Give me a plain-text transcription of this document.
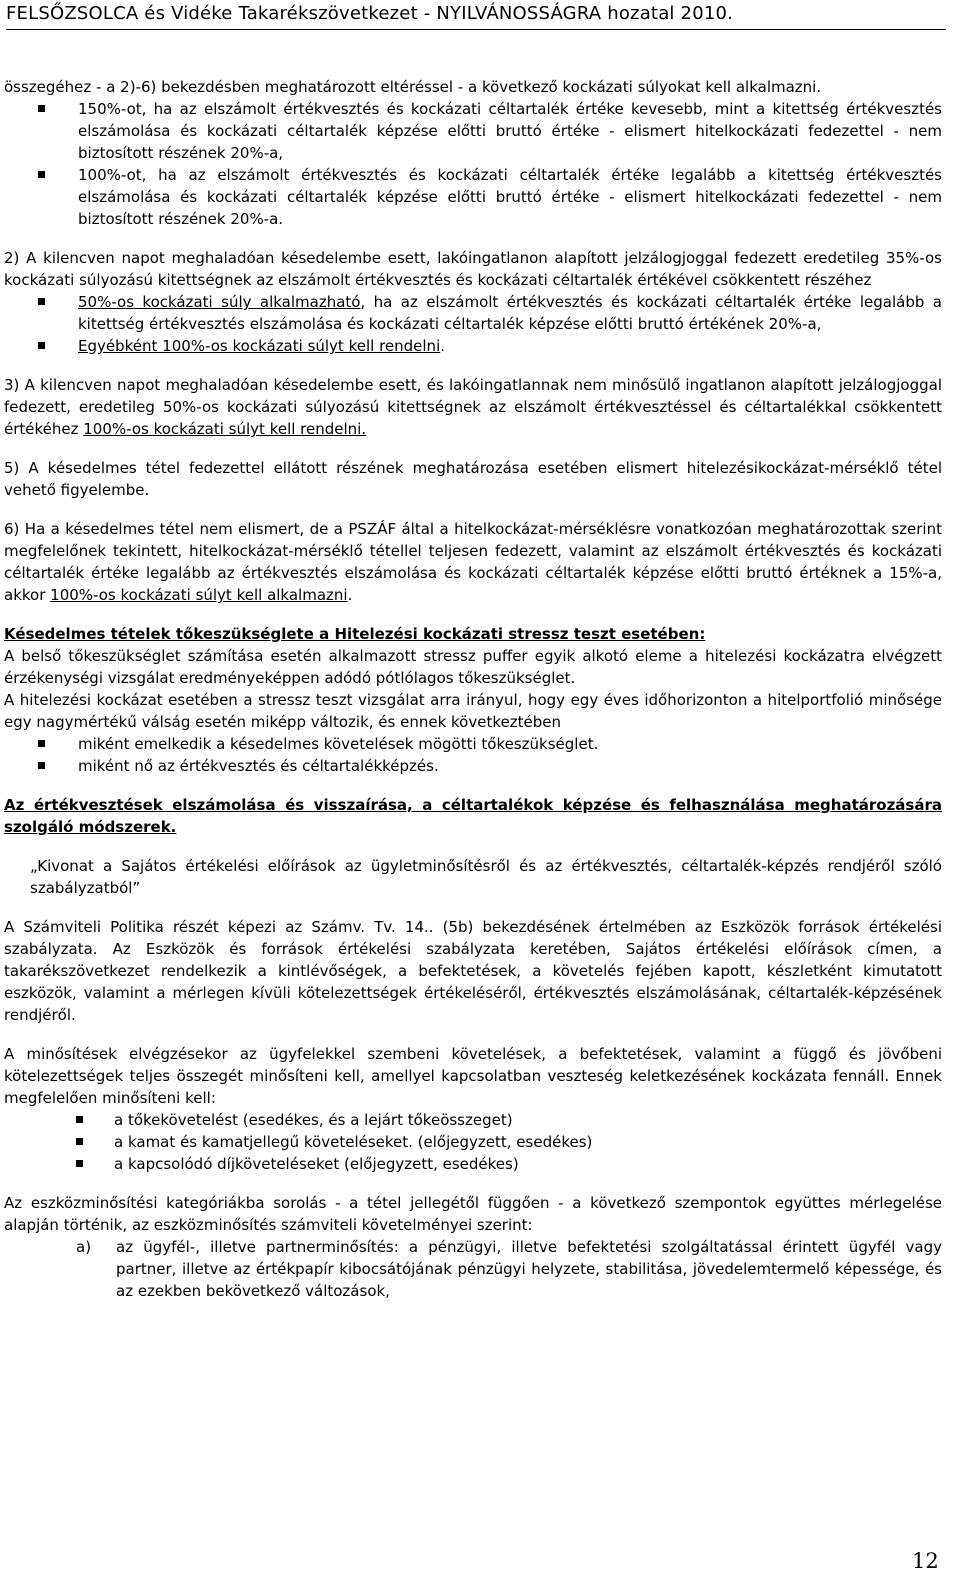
FELSŐZSOLCA és Vidéke Takarékszövetkezet - NYILVÁNOSSÁGRA hozatal 2010.

összegéhez - a 2)-6) bekezdésben meghatározott eltéréssel - a következő kockázati súlyokat kell alkalmazni.

150%-ot, ha az elszámolt értékvesztés és kockázati céltartalék értéke kevesebb, mint a kitettség értékvesztés elszámolása és kockázati céltartalék képzése előtti bruttó értéke - elismert hitelkockázati fedezettel - nem biztosított részének 20%-a,
100%-ot, ha az elszámolt értékvesztés és kockázati céltartalék értéke legalább a kitettség értékvesztés elszámolása és kockázati céltartalék képzése előtti bruttó értéke - elismert hitelkockázati fedezettel - nem biztosított részének 20%-a.

2) A kilencven napot meghaladóan késedelembe esett, lakóingatlanon alapított jelzálogjoggal fedezett eredetileg 35%-os kockázati súlyozású kitettségnek az elszámolt értékvesztés és kockázati céltartalék értékével csökkentett részéhez

50%-os kockázati súly alkalmazható, ha az elszámolt értékvesztés és kockázati céltartalék értéke legalább a kitettség értékvesztés elszámolása és kockázati céltartalék képzése előtti bruttó értékének 20%-a,
Egyébként 100%-os kockázati súlyt kell rendelni.

3) A kilencven napot meghaladóan késedelembe esett, és lakóingatlannak nem minősülő ingatlanon alapított jelzálogjoggal fedezett, eredetileg 50%-os kockázati súlyozású kitettségnek az elszámolt értékvesztéssel és céltartalékkal csökkentett értékéhez 100%-os kockázati súlyt kell rendelni.

5) A késedelmes tétel fedezettel ellátott részének meghatározása esetében elismert hitelezésikockázat-mérséklő tétel vehető figyelembe.

6) Ha a késedelmes tétel nem elismert, de a PSZÁF által a hitelkockázat-mérséklésre vonatkozóan meghatározottak szerint megfelelőnek tekintett, hitelkockázat-mérséklő tétellel teljesen fedezett, valamint az elszámolt értékvesztés és kockázati céltartalék értéke legalább az értékvesztés elszámolása és kockázati céltartalék képzése előtti bruttó értéknek a 15%-a, akkor 100%-os kockázati súlyt kell alkalmazni.

Késedelmes tételek tőkeszükséglete a Hitelezési kockázati stressz teszt esetében:

A belső tőkeszükséglet számítása esetén alkalmazott stressz puffer egyik alkotó eleme a hitelezési kockázatra elvégzett érzékenységi vizsgálat eredményeképpen adódó pótlólagos tőkeszükséglet.

A hitelezési kockázat esetében a stressz teszt vizsgálat arra irányul, hogy egy éves időhorizonton a hitelportfolió minősége egy nagymértékű válság esetén miképp változik, és ennek következtében

miként emelkedik a késedelmes követelések mögötti tőkeszükséglet.
miként nő az értékvesztés és céltartalékképzés.

Az értékvesztések elszámolása és visszaírása, a céltartalékok képzése és felhasználása meghatározására szolgáló módszerek.

„Kivonat a Sajátos értékelési előírások az ügyletminősítésről és az értékvesztés, céltartalék-képzés rendjéről szóló szabályzatból”

A Számviteli Politika részét képezi az Számv. Tv. 14.. (5b) bekezdésének értelmében az Eszközök források értékelési szabályzata. Az Eszközök és források értékelési szabályzata keretében, Sajátos értékelési előírások címen, a takarékszövetkezet rendelkezik a kintlévőségek, a befektetések, a követelés fejében kapott, készletként kimutatott eszközök, valamint a mérlegen kívüli kötelezettségek értékeléséről, értékvesztés elszámolásának, céltartalék-képzésének rendjéről.

A minősítések elvégzésekor az ügyfelekkel szembeni követelések, a befektetések, valamint a függő és jövőbeni kötelezettségek teljes összegét minősíteni kell, amellyel kapcsolatban veszteség keletkezésének kockázata fennáll. Ennek megfelelően minősíteni kell:

a tőkekövetelést (esedékes, és a lejárt tőkeösszeget)
a kamat és kamatjellegű követeléseket. (előjegyzett, esedékes)
a kapcsolódó díjköveteléseket (előjegyzett, esedékes)

Az eszközminősítési kategóriákba sorolás - a tétel jellegétől függően - a következő szempontok együttes mérlegelése alapján történik, az eszközminősítés számviteli követelményei szerint:

a) az ügyfél-, illetve partnerminősítés: a pénzügyi, illetve befektetési szolgáltatással érintett ügyfél vagy partner, illetve az értékpapír kibocsátójának pénzügyi helyzete, stabilitása, jövedelemtermelő képessége, és az ezekben bekövetkező változások,
12
